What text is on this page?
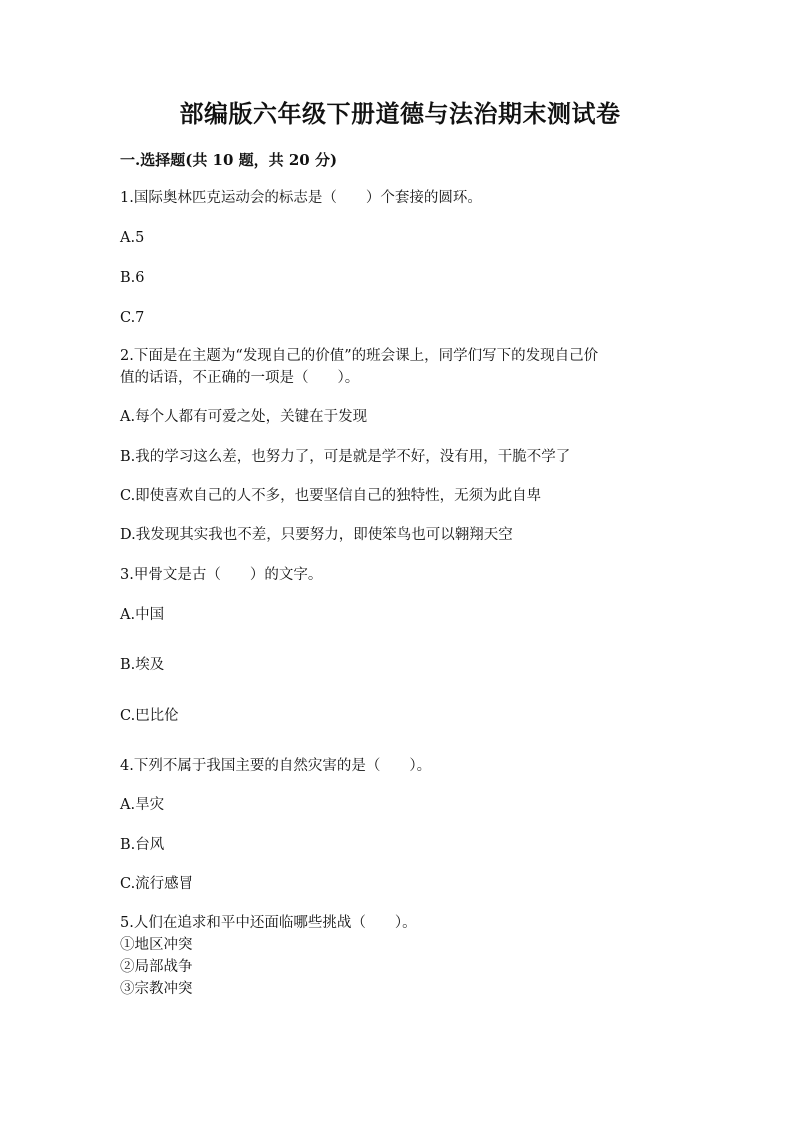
部编版六年级下册道德与法治期末测试卷
一.选择题(共 10 题，共 20 分)
1.国际奥林匹克运动会的标志是（　　）个套接的圆环。
A.5
B.6
C.7
2.下面是在主题为“发现自己的价值”的班会课上，同学们写下的发现自己价
值的话语，不正确的一项是（　　）。
A.每个人都有可爱之处，关键在于发现
B.我的学习这么差，也努力了，可是就是学不好，没有用，干脆不学了
C.即使喜欢自己的人不多，也要坚信自己的独特性，无须为此自卑
D.我发现其实我也不差，只要努力，即使笨鸟也可以翱翔天空
3.甲骨文是古（　　）的文字。
A.中国
B.埃及
C.巴比伦
4.下列不属于我国主要的自然灾害的是（　　）。
A.旱灾
B.台风
C.流行感冒
5.人们在追求和平中还面临哪些挑战（　　）。
①地区冲突
②局部战争
③宗教冲突
